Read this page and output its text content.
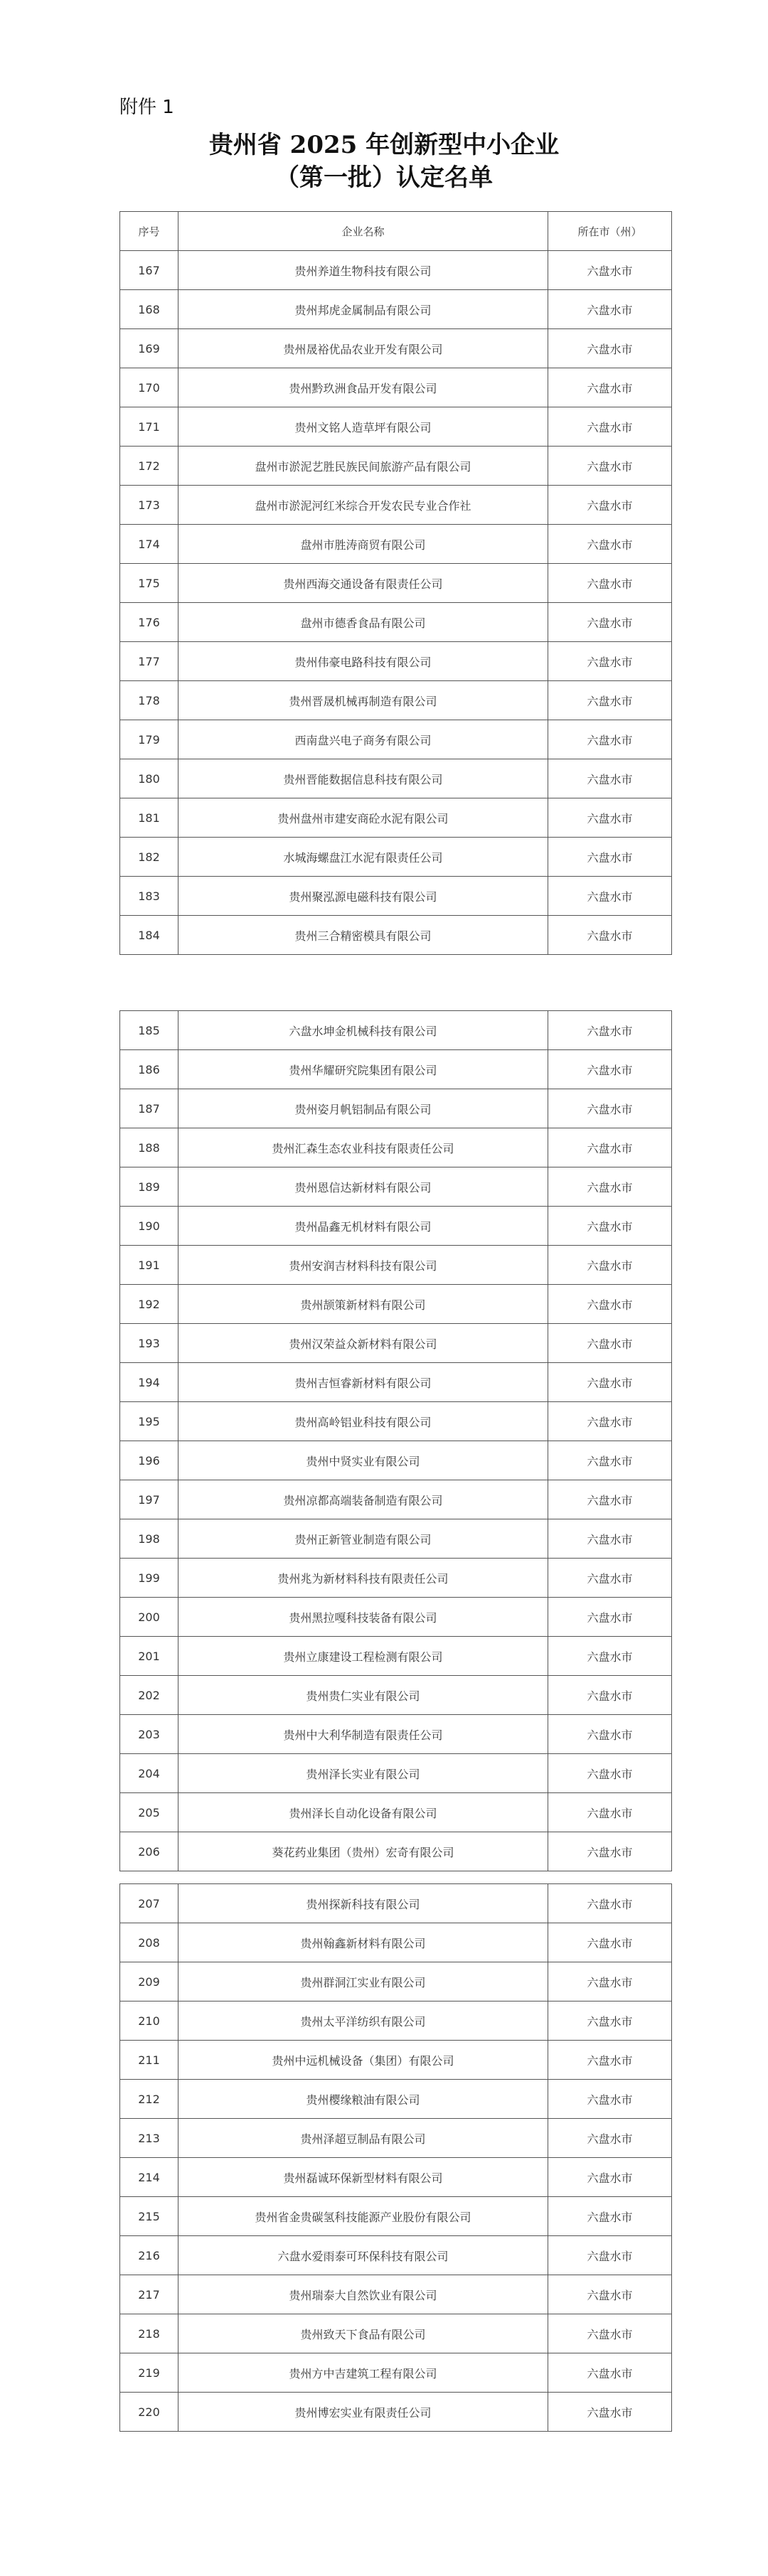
附件 1
贵州省 2025 年创新型中小企业
（第一批）认定名单
序号	企业名称	所在市（州）
167	贵州养道生物科技有限公司	六盘水市
168	贵州邦虎金属制品有限公司	六盘水市
169	贵州晟裕优品农业开发有限公司	六盘水市
170	贵州黔玖洲食品开发有限公司	六盘水市
171	贵州文铭人造草坪有限公司	六盘水市
172	盘州市淤泥艺胜民族民间旅游产品有限公司	六盘水市
173	盘州市淤泥河红米综合开发农民专业合作社	六盘水市
174	盘州市胜涛商贸有限公司	六盘水市
175	贵州西海交通设备有限责任公司	六盘水市
176	盘州市德香食品有限公司	六盘水市
177	贵州伟豪电路科技有限公司	六盘水市
178	贵州晋晟机械再制造有限公司	六盘水市
179	西南盘兴电子商务有限公司	六盘水市
180	贵州晋能数据信息科技有限公司	六盘水市
181	贵州盘州市建安商砼水泥有限公司	六盘水市
182	水城海螺盘江水泥有限责任公司	六盘水市
183	贵州聚泓源电磁科技有限公司	六盘水市
184	贵州三合精密模具有限公司	六盘水市
185	六盘水坤金机械科技有限公司	六盘水市
186	贵州华耀研究院集团有限公司	六盘水市
187	贵州姿月帆铝制品有限公司	六盘水市
188	贵州汇森生态农业科技有限责任公司	六盘水市
189	贵州恩信达新材料有限公司	六盘水市
190	贵州晶鑫无机材料有限公司	六盘水市
191	贵州安润吉材料科技有限公司	六盘水市
192	贵州颉策新材料有限公司	六盘水市
193	贵州汉荣益众新材料有限公司	六盘水市
194	贵州吉恒睿新材料有限公司	六盘水市
195	贵州高岭铝业科技有限公司	六盘水市
196	贵州中贤实业有限公司	六盘水市
197	贵州凉都高端装备制造有限公司	六盘水市
198	贵州正新管业制造有限公司	六盘水市
199	贵州兆为新材料科技有限责任公司	六盘水市
200	贵州黑拉嘎科技装备有限公司	六盘水市
201	贵州立康建设工程检测有限公司	六盘水市
202	贵州贵仁实业有限公司	六盘水市
203	贵州中大利华制造有限责任公司	六盘水市
204	贵州泽长实业有限公司	六盘水市
205	贵州泽长自动化设备有限公司	六盘水市
206	葵花药业集团（贵州）宏奇有限公司	六盘水市
207	贵州探新科技有限公司	六盘水市
208	贵州翰鑫新材料有限公司	六盘水市
209	贵州群洞江实业有限公司	六盘水市
210	贵州太平洋纺织有限公司	六盘水市
211	贵州中远机械设备（集团）有限公司	六盘水市
212	贵州樱缘粮油有限公司	六盘水市
213	贵州泽超豆制品有限公司	六盘水市
214	贵州磊诚环保新型材料有限公司	六盘水市
215	贵州省金贵碳氢科技能源产业股份有限公司	六盘水市
216	六盘水爱雨泰可环保科技有限公司	六盘水市
217	贵州瑞泰大自然饮业有限公司	六盘水市
218	贵州致天下食品有限公司	六盘水市
219	贵州方中吉建筑工程有限公司	六盘水市
220	贵州博宏实业有限责任公司	六盘水市
